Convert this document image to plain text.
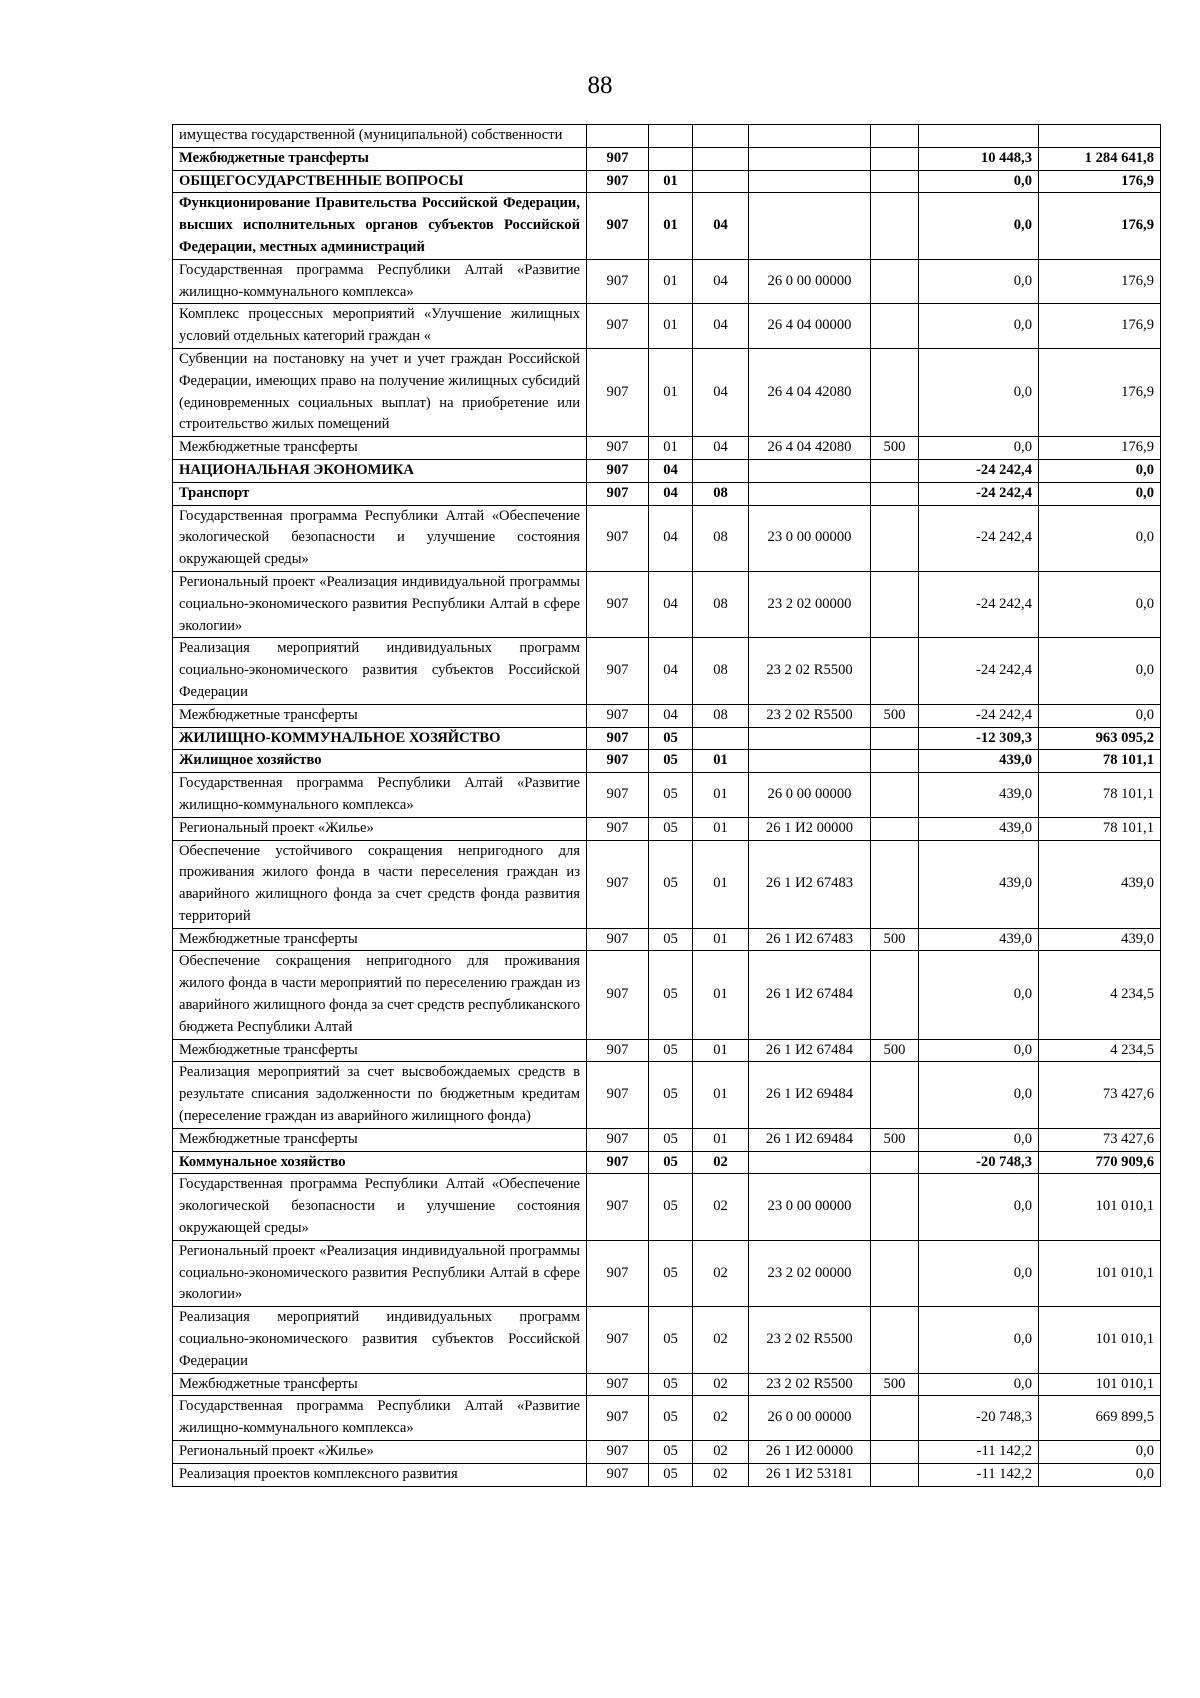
88
имущества государственной (муниципальной) собственности							
Межбюджетные трансферты	907					10 448,3	1 284 641,8
ОБЩЕГОСУДАРСТВЕННЫЕ ВОПРОСЫ	907	01				0,0	176,9
Функционирование Правительства Российской Федерации, высших исполнительных органов субъектов Российской Федерации, местных администраций	907	01	04			0,0	176,9
Государственная программа Республики Алтай «Развитие жилищно-коммунального комплекса»	907	01	04	26 0 00 00000		0,0	176,9
Комплекс процессных мероприятий «Улучшение жилищных условий отдельных категорий граждан «	907	01	04	26 4 04 00000		0,0	176,9
Субвенции на постановку на учет и учет граждан Российской Федерации, имеющих право на получение жилищных субсидий (единовременных социальных выплат) на приобретение или строительство жилых помещений	907	01	04	26 4 04 42080		0,0	176,9
Межбюджетные трансферты	907	01	04	26 4 04 42080	500	0,0	176,9
НАЦИОНАЛЬНАЯ ЭКОНОМИКА	907	04				-24 242,4	0,0
Транспорт	907	04	08			-24 242,4	0,0
Государственная программа Республики Алтай «Обеспечение экологической безопасности и улучшение состояния окружающей среды»	907	04	08	23 0 00 00000		-24 242,4	0,0
Региональный проект «Реализация индивидуальной программы социально-экономического развития Республики Алтай в сфере экологии»	907	04	08	23 2 02 00000		-24 242,4	0,0
Реализация мероприятий индивидуальных программ социально-экономического развития субъектов Российской Федерации	907	04	08	23 2 02 R5500		-24 242,4	0,0
Межбюджетные трансферты	907	04	08	23 2 02 R5500	500	-24 242,4	0,0
ЖИЛИЩНО-КОММУНАЛЬНОЕ ХОЗЯЙСТВО	907	05				-12 309,3	963 095,2
Жилищное хозяйство	907	05	01			439,0	78 101,1
Государственная программа Республики Алтай «Развитие жилищно-коммунального комплекса»	907	05	01	26 0 00 00000		439,0	78 101,1
Региональный проект «Жилье»	907	05	01	26 1 И2 00000		439,0	78 101,1
Обеспечение устойчивого сокращения непригодного для проживания жилого фонда в части переселения граждан из аварийного жилищного фонда за счет средств фонда развития территорий	907	05	01	26 1 И2 67483		439,0	439,0
Межбюджетные трансферты	907	05	01	26 1 И2 67483	500	439,0	439,0
Обеспечение сокращения непригодного для проживания жилого фонда в части мероприятий по переселению граждан из аварийного жилищного фонда за счет средств республиканского бюджета Республики Алтай	907	05	01	26 1 И2 67484		0,0	4 234,5
Межбюджетные трансферты	907	05	01	26 1 И2 67484	500	0,0	4 234,5
Реализация мероприятий за счет высвобождаемых средств в результате списания задолженности по бюджетным кредитам (переселение граждан из аварийного жилищного фонда)	907	05	01	26 1 И2 69484		0,0	73 427,6
Межбюджетные трансферты	907	05	01	26 1 И2 69484	500	0,0	73 427,6
Коммунальное хозяйство	907	05	02			-20 748,3	770 909,6
Государственная программа Республики Алтай «Обеспечение экологической безопасности и улучшение состояния окружающей среды»	907	05	02	23 0 00 00000		0,0	101 010,1
Региональный проект «Реализация индивидуальной программы социально-экономического развития Республики Алтай в сфере экологии»	907	05	02	23 2 02 00000		0,0	101 010,1
Реализация мероприятий индивидуальных программ социально-экономического развития субъектов Российской Федерации	907	05	02	23 2 02 R5500		0,0	101 010,1
Межбюджетные трансферты	907	05	02	23 2 02 R5500	500	0,0	101 010,1
Государственная программа Республики Алтай «Развитие жилищно-коммунального комплекса»	907	05	02	26 0 00 00000		-20 748,3	669 899,5
Региональный проект «Жилье»	907	05	02	26 1 И2 00000		-11 142,2	0,0
Реализация проектов комплексного развития	907	05	02	26 1 И2 53181		-11 142,2	0,0
